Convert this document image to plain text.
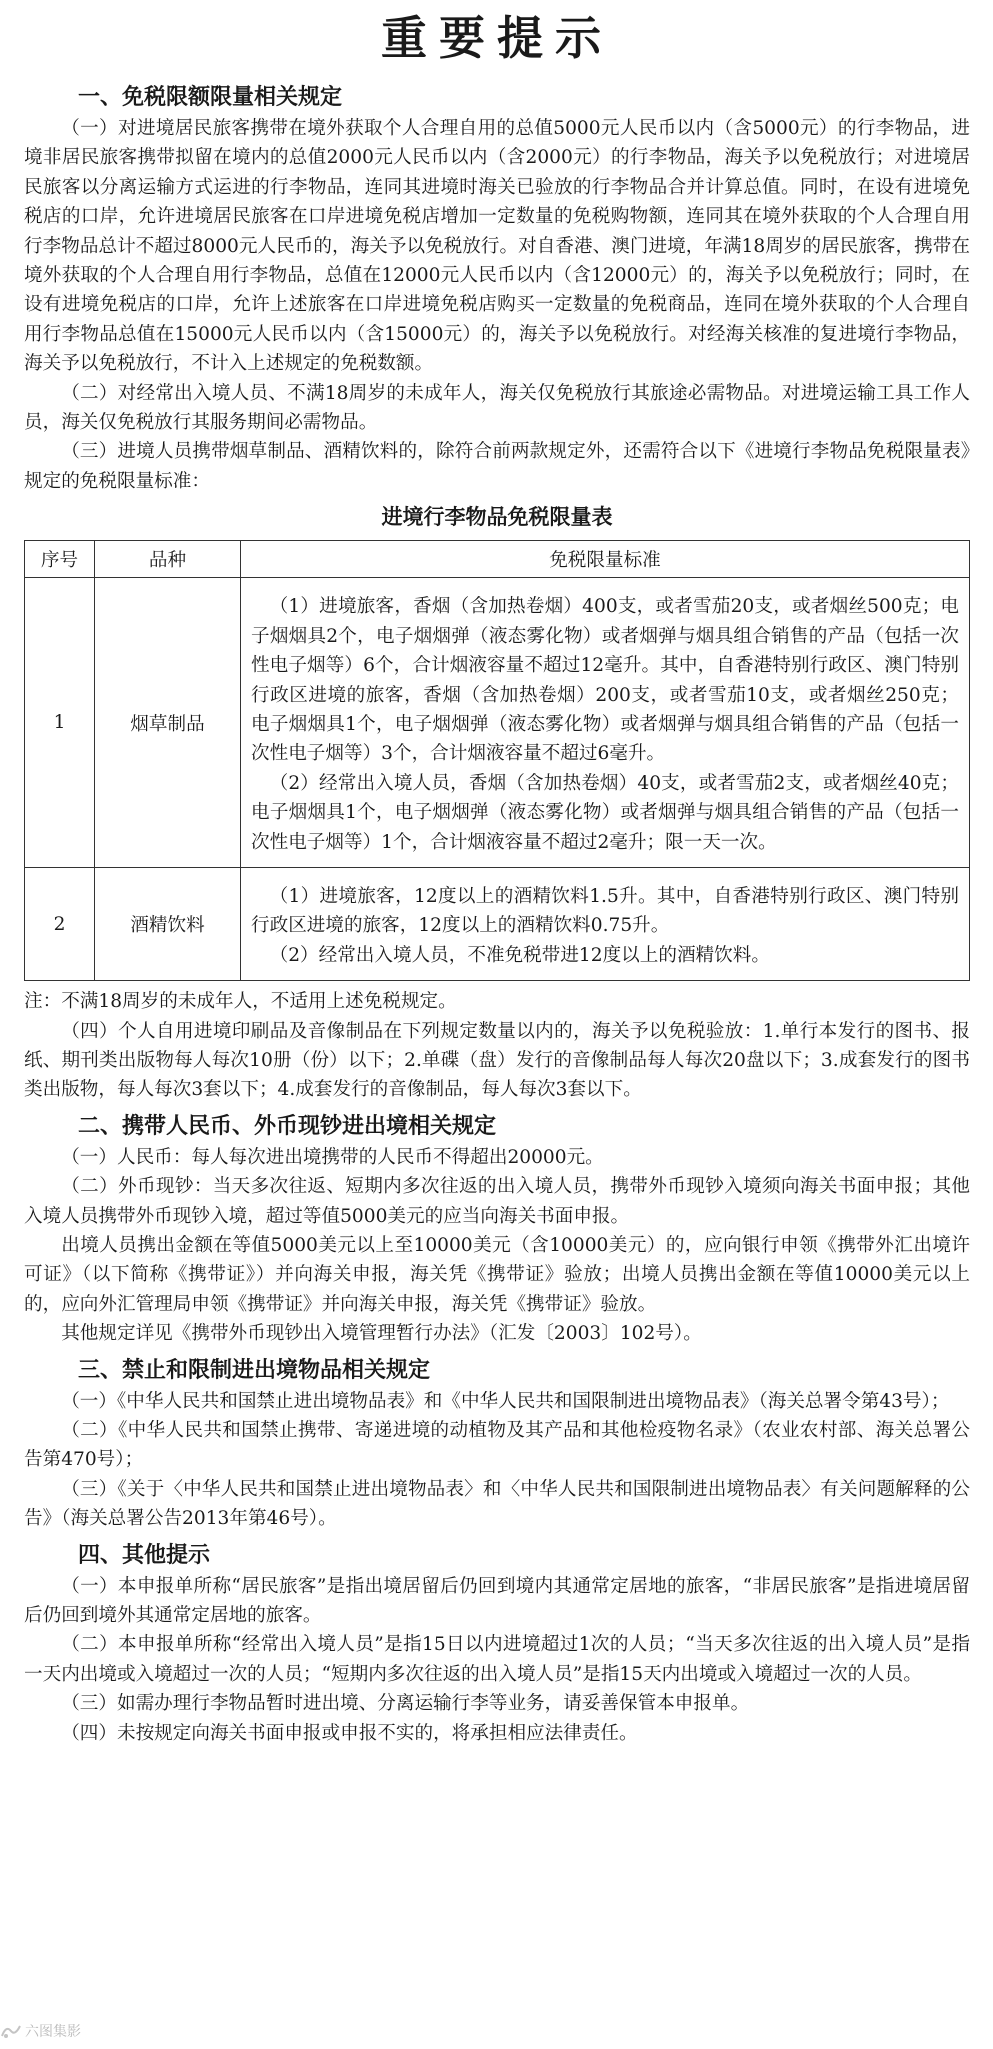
重要提示
一、免税限额限量相关规定
（一）对进境居民旅客携带在境外获取个人合理自用的总值5000元人民币以内（含5000元）的行李物品，进境非居民旅客携带拟留在境内的总值2000元人民币以内（含2000元）的行李物品，海关予以免税放行；对进境居民旅客以分离运输方式运进的行李物品，连同其进境时海关已验放的行李物品合并计算总值。同时，在设有进境免税店的口岸，允许进境居民旅客在口岸进境免税店增加一定数量的免税购物额，连同其在境外获取的个人合理自用行李物品总计不超过8000元人民币的，海关予以免税放行。对自香港、澳门进境，年满18周岁的居民旅客，携带在境外获取的个人合理自用行李物品，总值在12000元人民币以内（含12000元）的，海关予以免税放行；同时，在设有进境免税店的口岸，允许上述旅客在口岸进境免税店购买一定数量的免税商品，连同在境外获取的个人合理自用行李物品总值在15000元人民币以内（含15000元）的，海关予以免税放行。对经海关核准的复进境行李物品，海关予以免税放行，不计入上述规定的免税数额。
（二）对经常出入境人员、不满18周岁的未成年人，海关仅免税放行其旅途必需物品。对进境运输工具工作人员，海关仅免税放行其服务期间必需物品。
（三）进境人员携带烟草制品、酒精饮料的，除符合前两款规定外，还需符合以下《进境行李物品免税限量表》规定的免税限量标准：
进境行李物品免税限量表
序号	品种	免税限量标准
1	烟草制品	（1）进境旅客，香烟（含加热卷烟）400支，或者雪茄20支，或者烟丝500克；电子烟烟具2个，电子烟烟弹（液态雾化物）或者烟弹与烟具组合销售的产品（包括一次性电子烟等）6个，合计烟液容量不超过12毫升。其中，自香港特别行政区、澳门特别行政区进境的旅客，香烟（含加热卷烟）200支，或者雪茄10支，或者烟丝250克；电子烟烟具1个，电子烟烟弹（液态雾化物）或者烟弹与烟具组合销售的产品（包括一次性电子烟等）3个，合计烟液容量不超过6毫升。
（2）经常出入境人员，香烟（含加热卷烟）40支，或者雪茄2支，或者烟丝40克；电子烟烟具1个，电子烟烟弹（液态雾化物）或者烟弹与烟具组合销售的产品（包括一次性电子烟等）1个，合计烟液容量不超过2毫升；限一天一次。

2	酒精饮料	（1）进境旅客，12度以上的酒精饮料1.5升。其中，自香港特别行政区、澳门特别行政区进境的旅客，12度以上的酒精饮料0.75升。
（2）经常出入境人员，不准免税带进12度以上的酒精饮料。
注：不满18周岁的未成年人，不适用上述免税规定。
（四）个人自用进境印刷品及音像制品在下列规定数量以内的，海关予以免税验放：1.单行本发行的图书、报纸、期刊类出版物每人每次10册（份）以下；2.单碟（盘）发行的音像制品每人每次20盘以下；3.成套发行的图书类出版物，每人每次3套以下；4.成套发行的音像制品，每人每次3套以下。
二、携带人民币、外币现钞进出境相关规定
（一）人民币：每人每次进出境携带的人民币不得超出20000元。
（二）外币现钞：当天多次往返、短期内多次往返的出入境人员，携带外币现钞入境须向海关书面申报；其他入境人员携带外币现钞入境，超过等值5000美元的应当向海关书面申报。
出境人员携出金额在等值5000美元以上至10000美元（含10000美元）的，应向银行申领《携带外汇出境许可证》（以下简称《携带证》）并向海关申报，海关凭《携带证》验放；出境人员携出金额在等值10000美元以上的，应向外汇管理局申领《携带证》并向海关申报，海关凭《携带证》验放。
其他规定详见《携带外币现钞出入境管理暂行办法》（汇发〔2003〕102号）。
三、禁止和限制进出境物品相关规定
（一）《中华人民共和国禁止进出境物品表》和《中华人民共和国限制进出境物品表》（海关总署令第43号）；
（二）《中华人民共和国禁止携带、寄递进境的动植物及其产品和其他检疫物名录》（农业农村部、海关总署公告第470号）；
（三）《关于〈中华人民共和国禁止进出境物品表〉和〈中华人民共和国限制进出境物品表〉有关问题解释的公告》（海关总署公告2013年第46号）。
四、其他提示
（一）本申报单所称“居民旅客”是指出境居留后仍回到境内其通常定居地的旅客，“非居民旅客”是指进境居留后仍回到境外其通常定居地的旅客。
（二）本申报单所称“经常出入境人员”是指15日以内进境超过1次的人员；“当天多次往返的出入境人员”是指一天内出境或入境超过一次的人员；“短期内多次往返的出入境人员”是指15天内出境或入境超过一次的人员。
（三）如需办理行李物品暂时进出境、分离运输行李等业务，请妥善保管本申报单。
（四）未按规定向海关书面申报或申报不实的，将承担相应法律责任。
六图集影
